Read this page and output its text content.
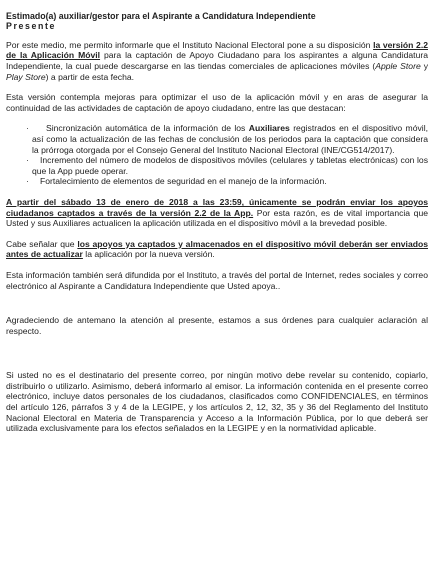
Estimado(a) auxiliar/gestor para el Aspirante a Candidatura Independiente

Presente

Por este medio, me permito informarle que el Instituto Nacional Electoral pone a su disposición la versión 2.2 de la Aplicación Móvil para la captación de Apoyo Ciudadano para los aspirantes a alguna Candidatura Independiente, la cual puede descargarse en las tiendas comerciales de aplicaciones móviles (Apple Store y Play Store) a partir de esta fecha.

Esta versión contempla mejoras para optimizar el uso de la aplicación móvil y en aras de asegurar la continuidad de las actividades de captación de apoyo ciudadano, entre las que destacan:

· Sincronización automática de la información de los Auxiliares registrados en el dispositivo móvil, así como la actualización de las fechas de conclusión de los periodos para la captación que considera la prórroga otorgada por el Consejo General del Instituto Nacional Electoral (INE/CG514/2017).
· Incremento del número de modelos de dispositivos móviles (celulares y tabletas electrónicas) con los que la App puede operar.
· Fortalecimiento de elementos de seguridad en el manejo de la información.

A partir del sábado 13 de enero de 2018 a las 23:59, únicamente se podrán enviar los apoyos ciudadanos captados a través de la versión 2.2 de la App. Por esta razón, es de vital importancia que Usted y sus Auxiliares actualicen la aplicación utilizada en el dispositivo móvil a la brevedad posible.

Cabe señalar que los apoyos ya captados y almacenados en el dispositivo móvil deberán ser enviados antes de actualizar la aplicación por la nueva versión.

Esta información también será difundida por el Instituto, a través del portal de Internet, redes sociales y correo electrónico al Aspirante a Candidatura Independiente que Usted apoya..

Agradeciendo de antemano la atención al presente, estamos a sus órdenes para cualquier aclaración al respecto.

Si usted no es el destinatario del presente correo, por ningún motivo debe revelar su contenido, copiarlo, distribuirlo o utilizarlo. Asimismo, deberá informarlo al emisor. La información contenida en el presente correo electrónico, incluye datos personales de los ciudadanos, clasificados como CONFIDENCIALES, en términos del artículo 126, párrafos 3 y 4 de la LEGIPE, y los artículos 2, 12, 32, 35 y 36 del Reglamento del Instituto Nacional Electoral en Materia de Transparencia y Acceso a la Información Pública, por lo que deberá ser utilizada exclusivamente para los efectos señalados en la LEGIPE y en la normatividad aplicable.
